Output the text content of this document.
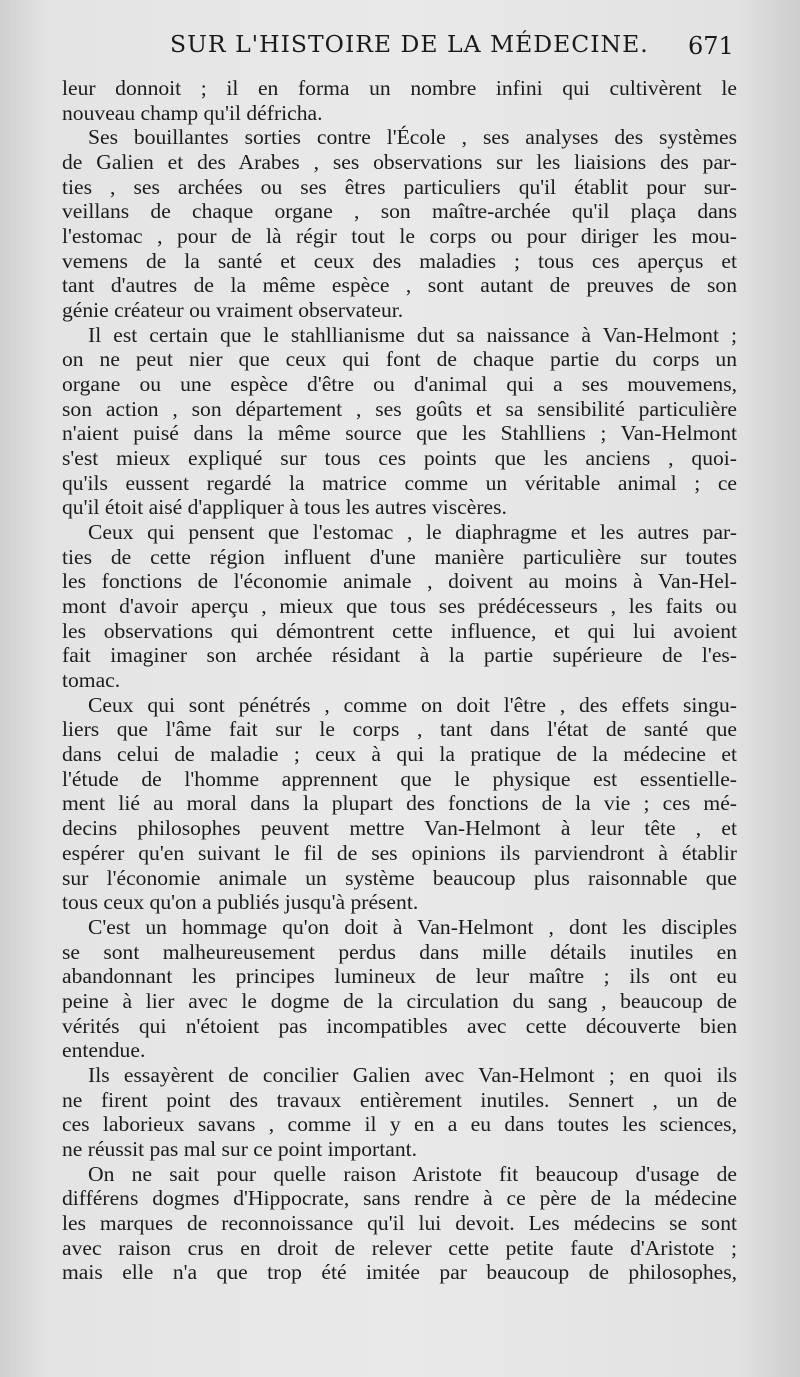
SUR L'HISTOIRE DE LA MÉDECINE. 671
leur donnoit ; il en forma un nombre infini qui cultivèrent le
nouveau champ qu'il défricha.
Ses bouillantes sorties contre l'École , ses analyses des systèmes
de Galien et des Arabes , ses observations sur les liaisions des par-
ties , ses archées ou ses êtres particuliers qu'il établit pour sur-
veillans de chaque organe , son maître-archée qu'il plaça dans
l'estomac , pour de là régir tout le corps ou pour diriger les mou-
vemens de la santé et ceux des maladies ; tous ces aperçus et
tant d'autres de la même espèce , sont autant de preuves de son
génie créateur ou vraiment observateur.
Il est certain que le stahllianisme dut sa naissance à Van-Helmont ;
on ne peut nier que ceux qui font de chaque partie du corps un
organe ou une espèce d'être ou d'animal qui a ses mouvemens,
son action , son département , ses goûts et sa sensibilité particulière
n'aient puisé dans la même source que les Stahlliens ; Van-Helmont
s'est mieux expliqué sur tous ces points que les anciens , quoi-
qu'ils eussent regardé la matrice comme un véritable animal ; ce
qu'il étoit aisé d'appliquer à tous les autres viscères.
Ceux qui pensent que l'estomac , le diaphragme et les autres par-
ties de cette région influent d'une manière particulière sur toutes
les fonctions de l'économie animale , doivent au moins à Van-Hel-
mont d'avoir aperçu , mieux que tous ses prédécesseurs , les faits ou
les observations qui démontrent cette influence, et qui lui avoient
fait imaginer son archée résidant à la partie supérieure de l'es-
tomac.
Ceux qui sont pénétrés , comme on doit l'être , des effets singu-
liers que l'âme fait sur le corps , tant dans l'état de santé que
dans celui de maladie ; ceux à qui la pratique de la médecine et
l'étude de l'homme apprennent que le physique est essentielle-
ment lié au moral dans la plupart des fonctions de la vie ; ces mé-
decins philosophes peuvent mettre Van-Helmont à leur tête , et
espérer qu'en suivant le fil de ses opinions ils parviendront à établir
sur l'économie animale un système beaucoup plus raisonnable que
tous ceux qu'on a publiés jusqu'à présent.
C'est un hommage qu'on doit à Van-Helmont , dont les disciples
se sont malheureusement perdus dans mille détails inutiles en
abandonnant les principes lumineux de leur maître ; ils ont eu
peine à lier avec le dogme de la circulation du sang , beaucoup de
vérités qui n'étoient pas incompatibles avec cette découverte bien
entendue.
Ils essayèrent de concilier Galien avec Van-Helmont ; en quoi ils
ne firent point des travaux entièrement inutiles. Sennert , un de
ces laborieux savans , comme il y en a eu dans toutes les sciences,
ne réussit pas mal sur ce point important.
On ne sait pour quelle raison Aristote fit beaucoup d'usage de
différens dogmes d'Hippocrate, sans rendre à ce père de la médecine
les marques de reconnoissance qu'il lui devoit. Les médecins se sont
avec raison crus en droit de relever cette petite faute d'Aristote ;
mais elle n'a que trop été imitée par beaucoup de philosophes,
